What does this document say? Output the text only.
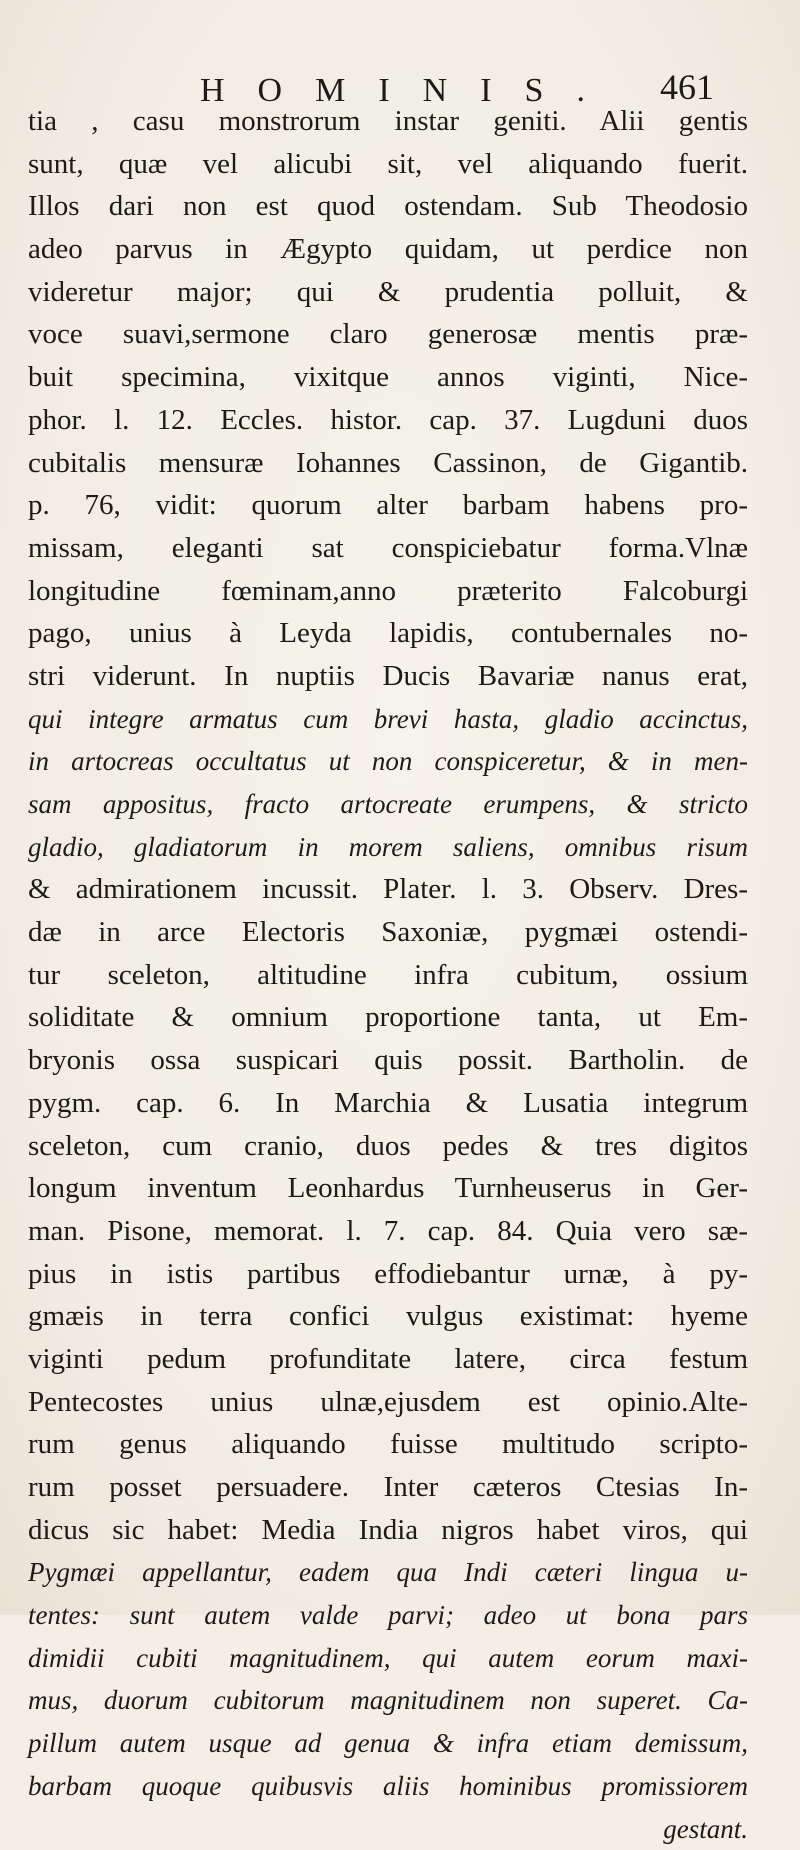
HOMINIS. 461
tia , casu monstrorum instar geniti. Alii gentis
sunt, quæ vel alicubi sit, vel aliquando fuerit.
Illos dari non est quod ostendam. Sub Theodosio
adeo parvus in Ægypto quidam, ut perdice non
videretur major; qui & prudentia polluit, &
voce suavi,sermone claro generosæ mentis præ-
buit specimina, vixitque annos viginti, Nice-
phor. l. 12. Eccles. histor. cap. 37. Lugduni duos
cubitalis mensuræ Iohannes Cassinon, de Gigantib.
p. 76, vidit: quorum alter barbam habens pro-
missam, eleganti sat conspiciebatur forma.Vlnæ
longitudine fœminam,anno præterito Falcoburgi
pago, unius à Leyda lapidis, contubernales no-
stri viderunt. In nuptiis Ducis Bavariæ nanus erat,
qui integre armatus cum brevi hasta, gladio accinctus,
in artocreas occultatus ut non conspiceretur, & in men-
sam appositus, fracto artocreate erumpens, & stricto
gladio, gladiatorum in morem saliens, omnibus risum
& admirationem incussit. Plater. l. 3. Observ. Dres-
dæ in arce Electoris Saxoniæ, pygmæi ostendi-
tur sceleton, altitudine infra cubitum, ossium
soliditate & omnium proportione tanta, ut Em-
bryonis ossa suspicari quis possit. Bartholin. de
pygm. cap. 6. In Marchia & Lusatia integrum
sceleton, cum cranio, duos pedes & tres digitos
longum inventum Leonhardus Turnheuserus in Ger-
man. Pisone, memorat. l. 7. cap. 84. Quia vero sæ-
pius in istis partibus effodiebantur urnæ, à py-
gmæis in terra confici vulgus existimat: hyeme
viginti pedum profunditate latere, circa festum
Pentecostes unius ulnæ,ejusdem est opinio.Alte-
rum genus aliquando fuisse multitudo scripto-
rum posset persuadere. Inter cæteros Ctesias In-
dicus sic habet: Media India nigros habet viros, qui
Pygmæi appellantur, eadem qua Indi cæteri lingua u-
tentes: sunt autem valde parvi; adeo ut bona pars
dimidii cubiti magnitudinem, qui autem eorum maxi-
mus, duorum cubitorum magnitudinem non superet. Ca-
pillum autem usque ad genua & infra etiam demissum,
barbam quoque quibusvis aliis hominibus promissiorem
gestant.
